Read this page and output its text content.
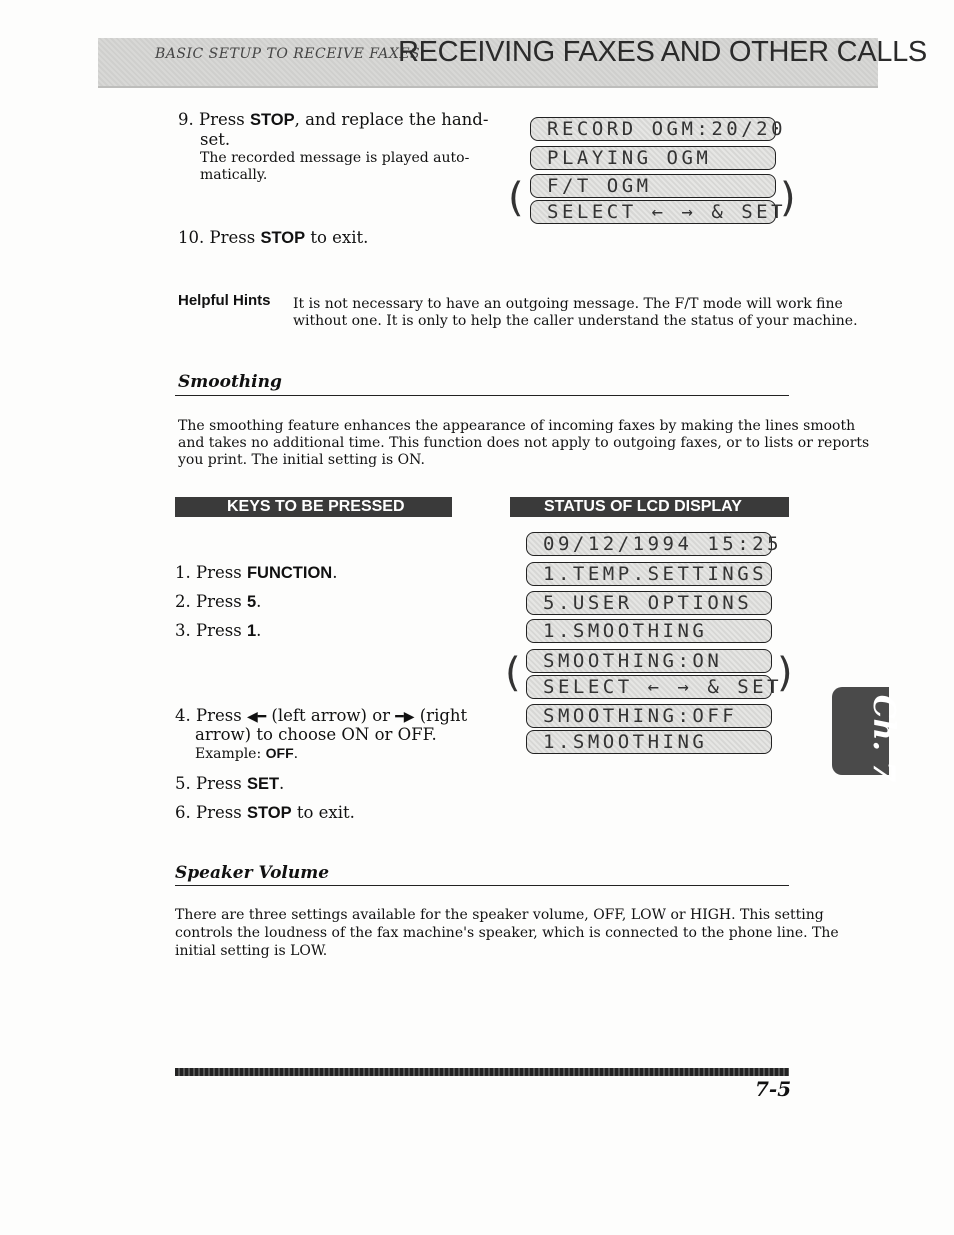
BASIC SETUP TO RECEIVE FAXES
RECEIVING FAXES AND OTHER CALLS
9. Press STOP, and replace the hand-
set.
The recorded message is played auto-
matically.
10. Press STOP to exit.
RECORD OGM:20/20
PLAYING OGM
F/T OGM
SELECT ← → & SET
(	)
Helpful Hints It is not necessary to have an outgoing message. The F/T mode will work fine
without one. It is only to help the caller understand the status of your machine.
Smoothing
The smoothing feature enhances the appearance of incoming faxes by making the lines smooth
and takes no additional time. This function does not apply to outgoing faxes, or to lists or reports
you print. The initial setting is ON.
KEYS TO BE PRESSED	STATUS OF LCD DISPLAY
1. Press FUNCTION.
2. Press 5.
3. Press 1.
4. Press ◀━ (left arrow) or ━▶ (right
arrow) to choose ON or OFF.
Example: OFF.
5. Press SET.
6. Press STOP to exit.
09/12/1994 15:25
1.TEMP.SETTINGS
5.USER OPTIONS
1.SMOOTHING
SMOOTHING:ON
SELECT ← → & SET
SMOOTHING:OFF
1.SMOOTHING
(	)
Ch. 7
Speaker Volume
There are three settings available for the speaker volume, OFF, LOW or HIGH. This setting
controls the loudness of the fax machine's speaker, which is connected to the phone line. The
initial setting is LOW.
7-5
